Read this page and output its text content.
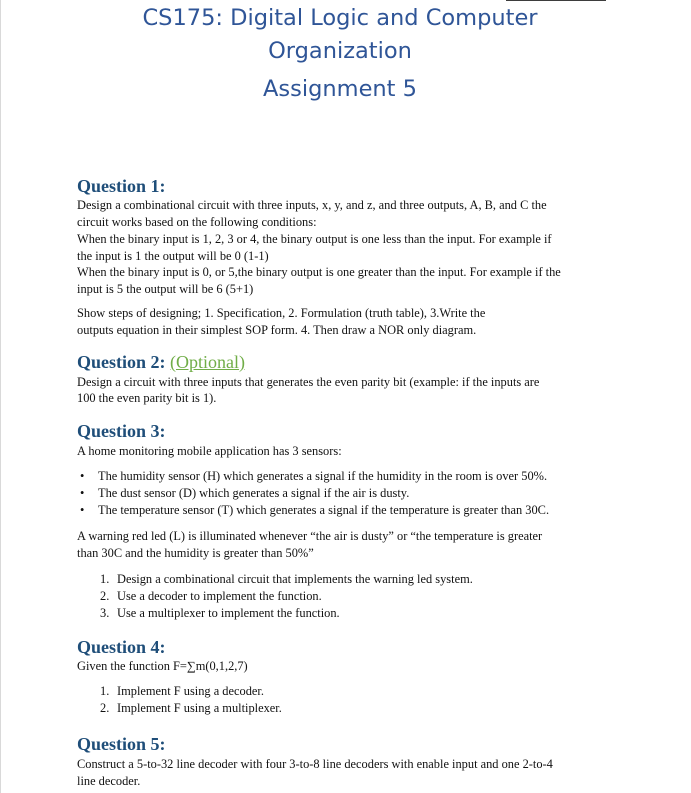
CS175: Digital Logic and Computer
Organization
Assignment 5
Question 1:
Design a combinational circuit with three inputs, x, y, and z, and three outputs, A, B, and C the
circuit works based on the following conditions:
When the binary input is 1, 2, 3 or 4, the binary output is one less than the input. For example if
the input is 1 the output will be 0 (1-1)
When the binary input is 0, or 5,the binary output is one greater than the input. For example if the
input is 5 the output will be 6 (5+1)
Show steps of designing; 1. Specification, 2. Formulation (truth table), 3.Write the
outputs equation in their simplest SOP form. 4. Then draw a NOR only diagram.
Question 2: (Optional)
Design a circuit with three inputs that generates the even parity bit (example: if the inputs are
100 the even parity bit is 1).
Question 3:
A home monitoring mobile application has 3 sensors:
The humidity sensor (H) which generates a signal if the humidity in the room is over 50%.
The dust sensor (D) which generates a signal if the air is dusty.
The temperature sensor (T) which generates a signal if the temperature is greater than 30C.
A warning red led (L) is illuminated whenever “the air is dusty” or “the temperature is greater
than 30C and the humidity is greater than 50%”
1. Design a combinational circuit that implements the warning led system.
2. Use a decoder to implement the function.
3. Use a multiplexer to implement the function.
Question 4:
Given the function F=∑m(0,1,2,7)
1. Implement F using a decoder.
2. Implement F using a multiplexer.
Question 5:
Construct a 5-to-32 line decoder with four 3-to-8 line decoders with enable input and one 2-to-4
line decoder.
